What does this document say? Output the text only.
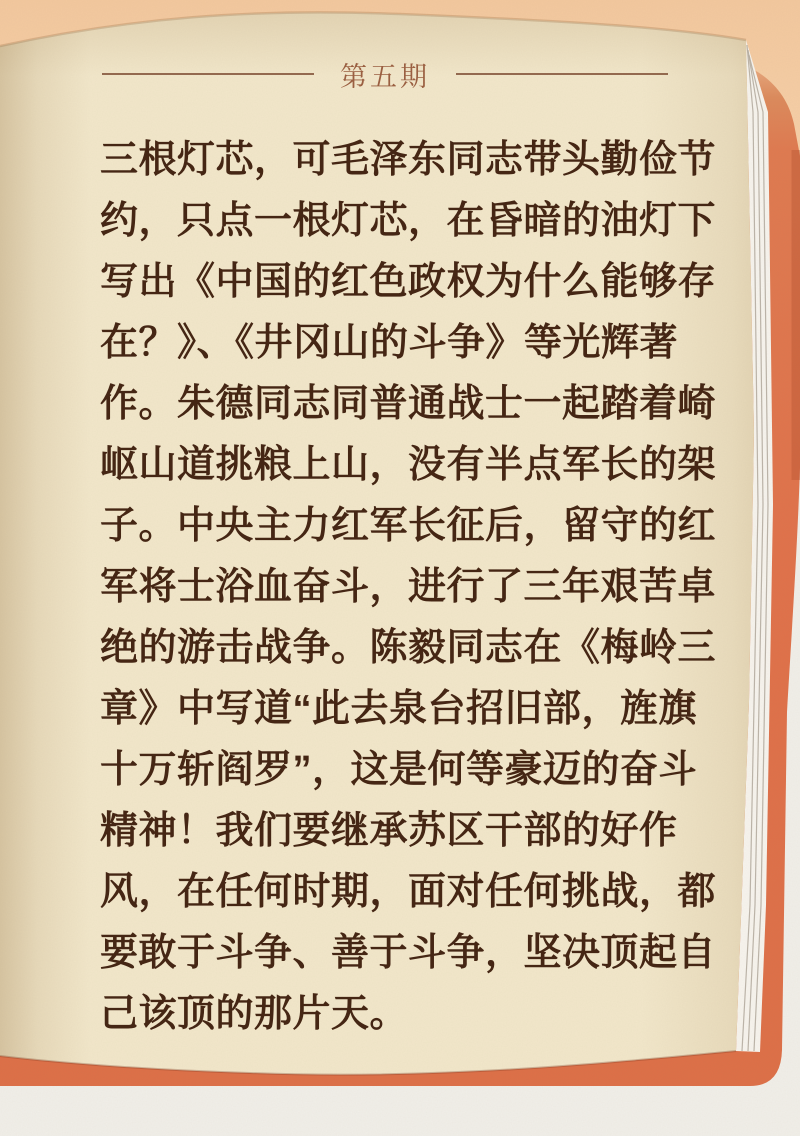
第五期
三根灯芯，可毛泽东同志带头勤俭节
约，只点一根灯芯，在昏暗的油灯下
写出《中国的红色政权为什么能够存
在？》、《井冈山的斗争》等光辉著
作。朱德同志同普通战士一起踏着崎
岖山道挑粮上山，没有半点军长的架
子。中央主力红军长征后，留守的红
军将士浴血奋斗，进行了三年艰苦卓
绝的游击战争。陈毅同志在《梅岭三
章》中写道“此去泉台招旧部，旌旗
十万斩阎罗”，这是何等豪迈的奋斗
精神！我们要继承苏区干部的好作
风，在任何时期，面对任何挑战，都
要敢于斗争、善于斗争，坚决顶起自
己该顶的那片天。
